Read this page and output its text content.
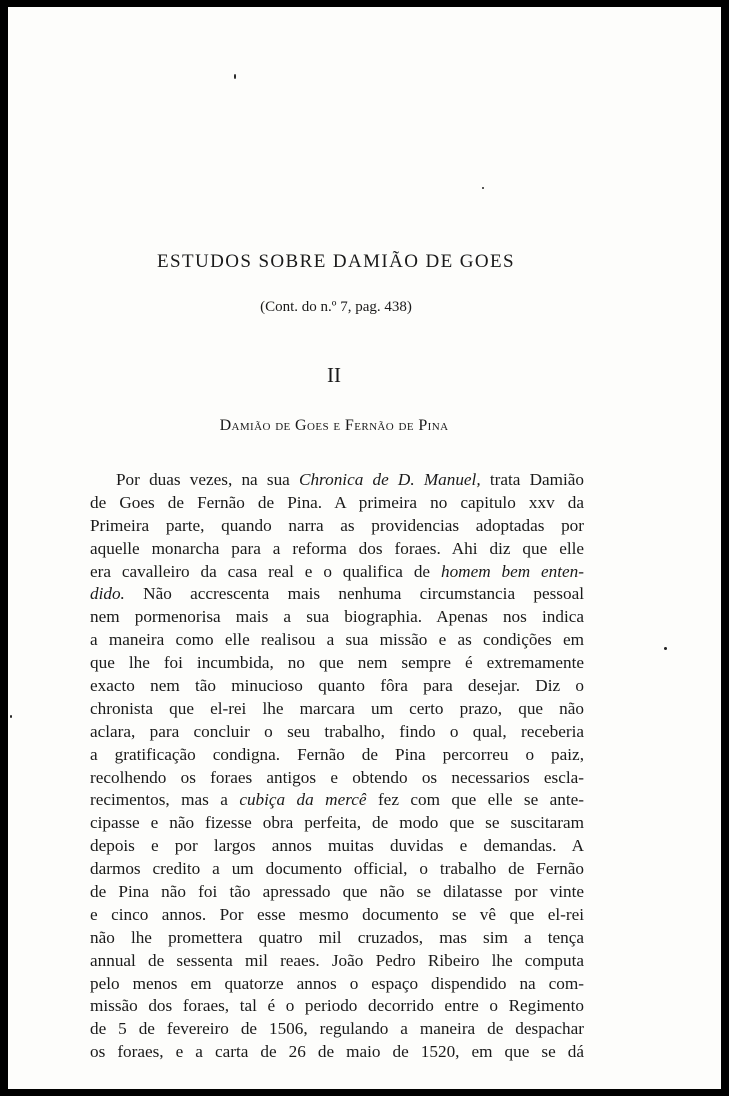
ESTUDOS SOBRE DAMIÃO DE GOES
(Cont. do n.º 7, pag. 438)
II
Damião de Goes e Fernão de Pina
Por duas vezes, na sua Chronica de D. Manuel, trata Damião
de Goes de Fernão de Pina. A primeira no capitulo xxv da
Primeira parte, quando narra as providencias adoptadas por
aquelle monarcha para a reforma dos foraes. Ahi diz que elle
era cavalleiro da casa real e o qualifica de homem bem enten-
dido. Não accrescenta mais nenhuma circumstancia pessoal
nem pormenorisa mais a sua biographia. Apenas nos indica
a maneira como elle realisou a sua missão e as condições em
que lhe foi incumbida, no que nem sempre é extremamente
exacto nem tão minucioso quanto fôra para desejar. Diz o
chronista que el-rei lhe marcara um certo prazo, que não
aclara, para concluir o seu trabalho, findo o qual, receberia
a gratificação condigna. Fernão de Pina percorreu o paiz,
recolhendo os foraes antigos e obtendo os necessarios escla-
recimentos, mas a cubiça da mercê fez com que elle se ante-
cipasse e não fizesse obra perfeita, de modo que se suscitaram
depois e por largos annos muitas duvidas e demandas. A
darmos credito a um documento official, o trabalho de Fernão
de Pina não foi tão apressado que não se dilatasse por vinte
e cinco annos. Por esse mesmo documento se vê que el-rei
não lhe promettera quatro mil cruzados, mas sim a tença
annual de sessenta mil reaes. João Pedro Ribeiro lhe computa
pelo menos em quatorze annos o espaço dispendido na com-
missão dos foraes, tal é o periodo decorrido entre o Regimento
de 5 de fevereiro de 1506, regulando a maneira de despachar
os foraes, e a carta de 26 de maio de 1520, em que se dá
